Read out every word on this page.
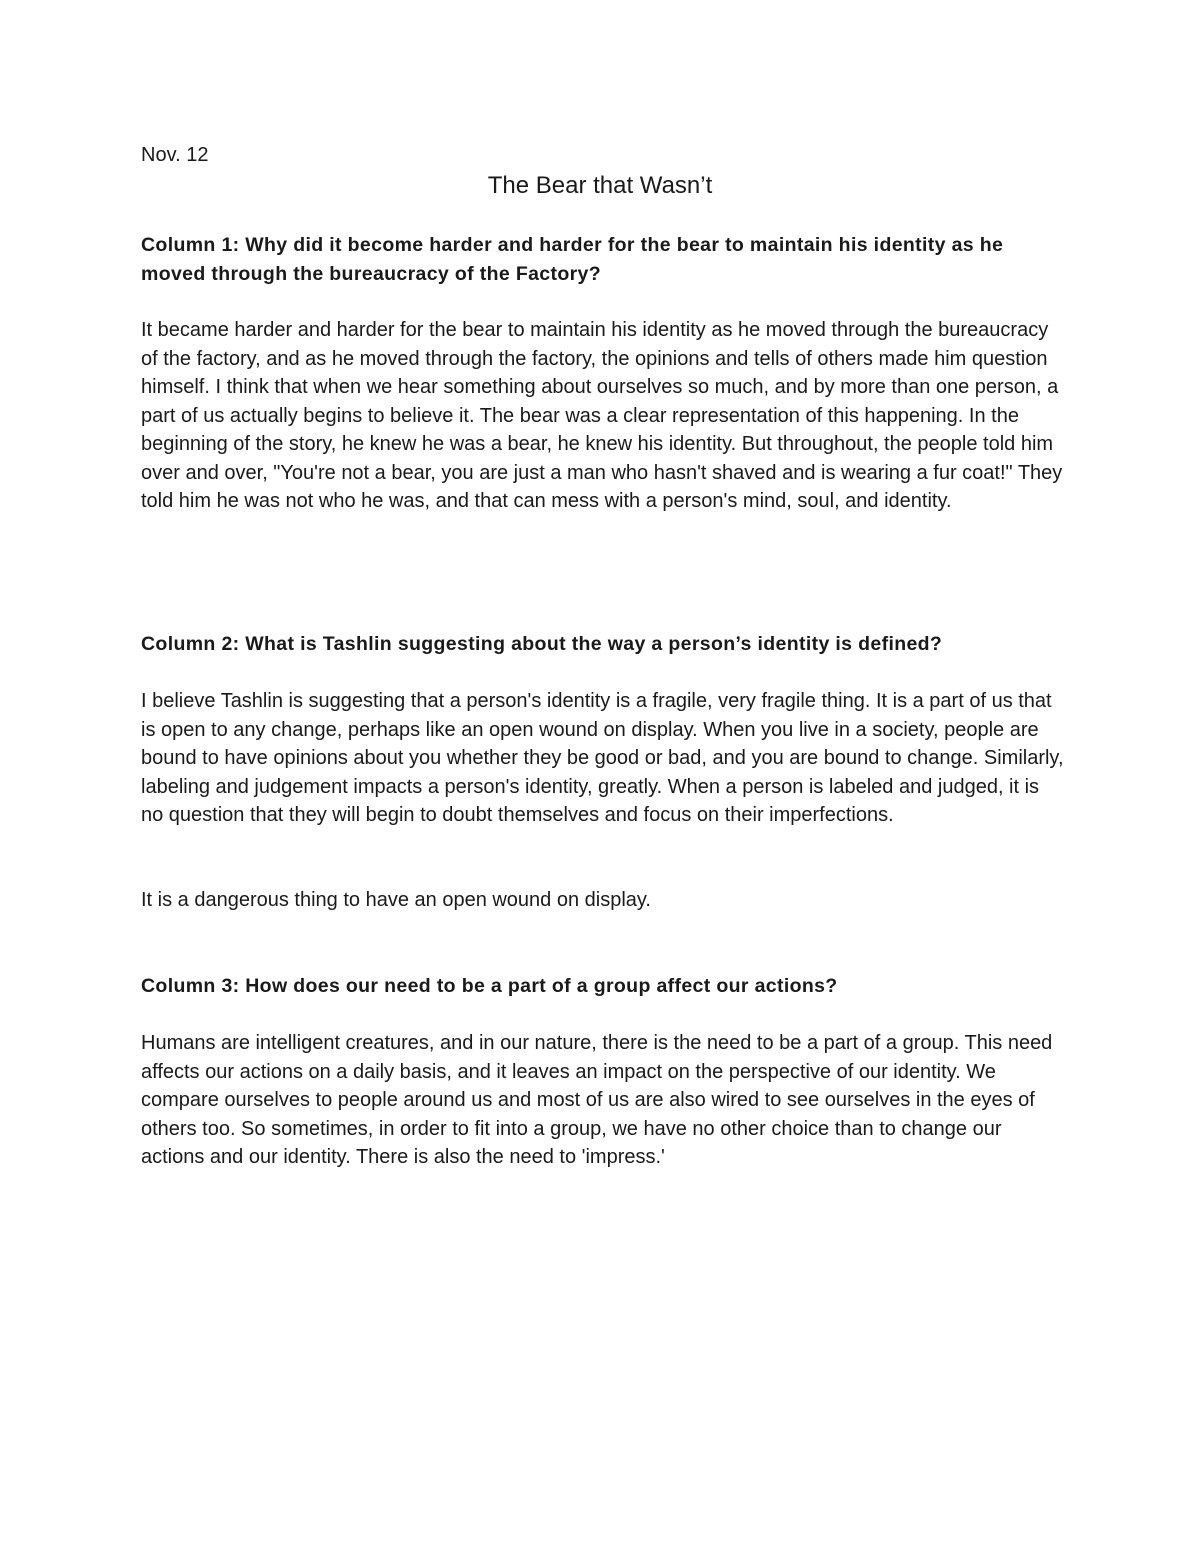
Nov. 12
The Bear that Wasn’t

Column 1: Why did it become harder and harder for the bear to maintain his identity as he moved through the bureaucracy of the Factory?

It became harder and harder for the bear to maintain his identity as he moved through the bureaucracy of the factory, and as he moved through the factory, the opinions and tells of others made him question himself. I think that when we hear something about ourselves so much, and by more than one person, a part of us actually begins to believe it. The bear was a clear representation of this happening. In the beginning of the story, he knew he was a bear, he knew his identity. But throughout, the people told him over and over, "You're not a bear, you are just a man who hasn't shaved and is wearing a fur coat!" They told him he was not who he was, and that can mess with a person's mind, soul, and identity.

Column 2: What is Tashlin suggesting about the way a person’s identity is defined?

I believe Tashlin is suggesting that a person's identity is a fragile, very fragile thing. It is a part of us that is open to any change, perhaps like an open wound on display. When you live in a society, people are bound to have opinions about you whether they be good or bad, and you are bound to change. Similarly, labeling and judgement impacts a person's identity, greatly. When a person is labeled and judged, it is no question that they will begin to doubt themselves and focus on their imperfections.

It is a dangerous thing to have an open wound on display.

Column 3: How does our need to be a part of a group affect our actions?

Humans are intelligent creatures, and in our nature, there is the need to be a part of a group. This need affects our actions on a daily basis, and it leaves an impact on the perspective of our identity. We compare ourselves to people around us and most of us are also wired to see ourselves in the eyes of others too. So sometimes, in order to fit into a group, we have no other choice than to change our actions and our identity. There is also the need to 'impress.'
